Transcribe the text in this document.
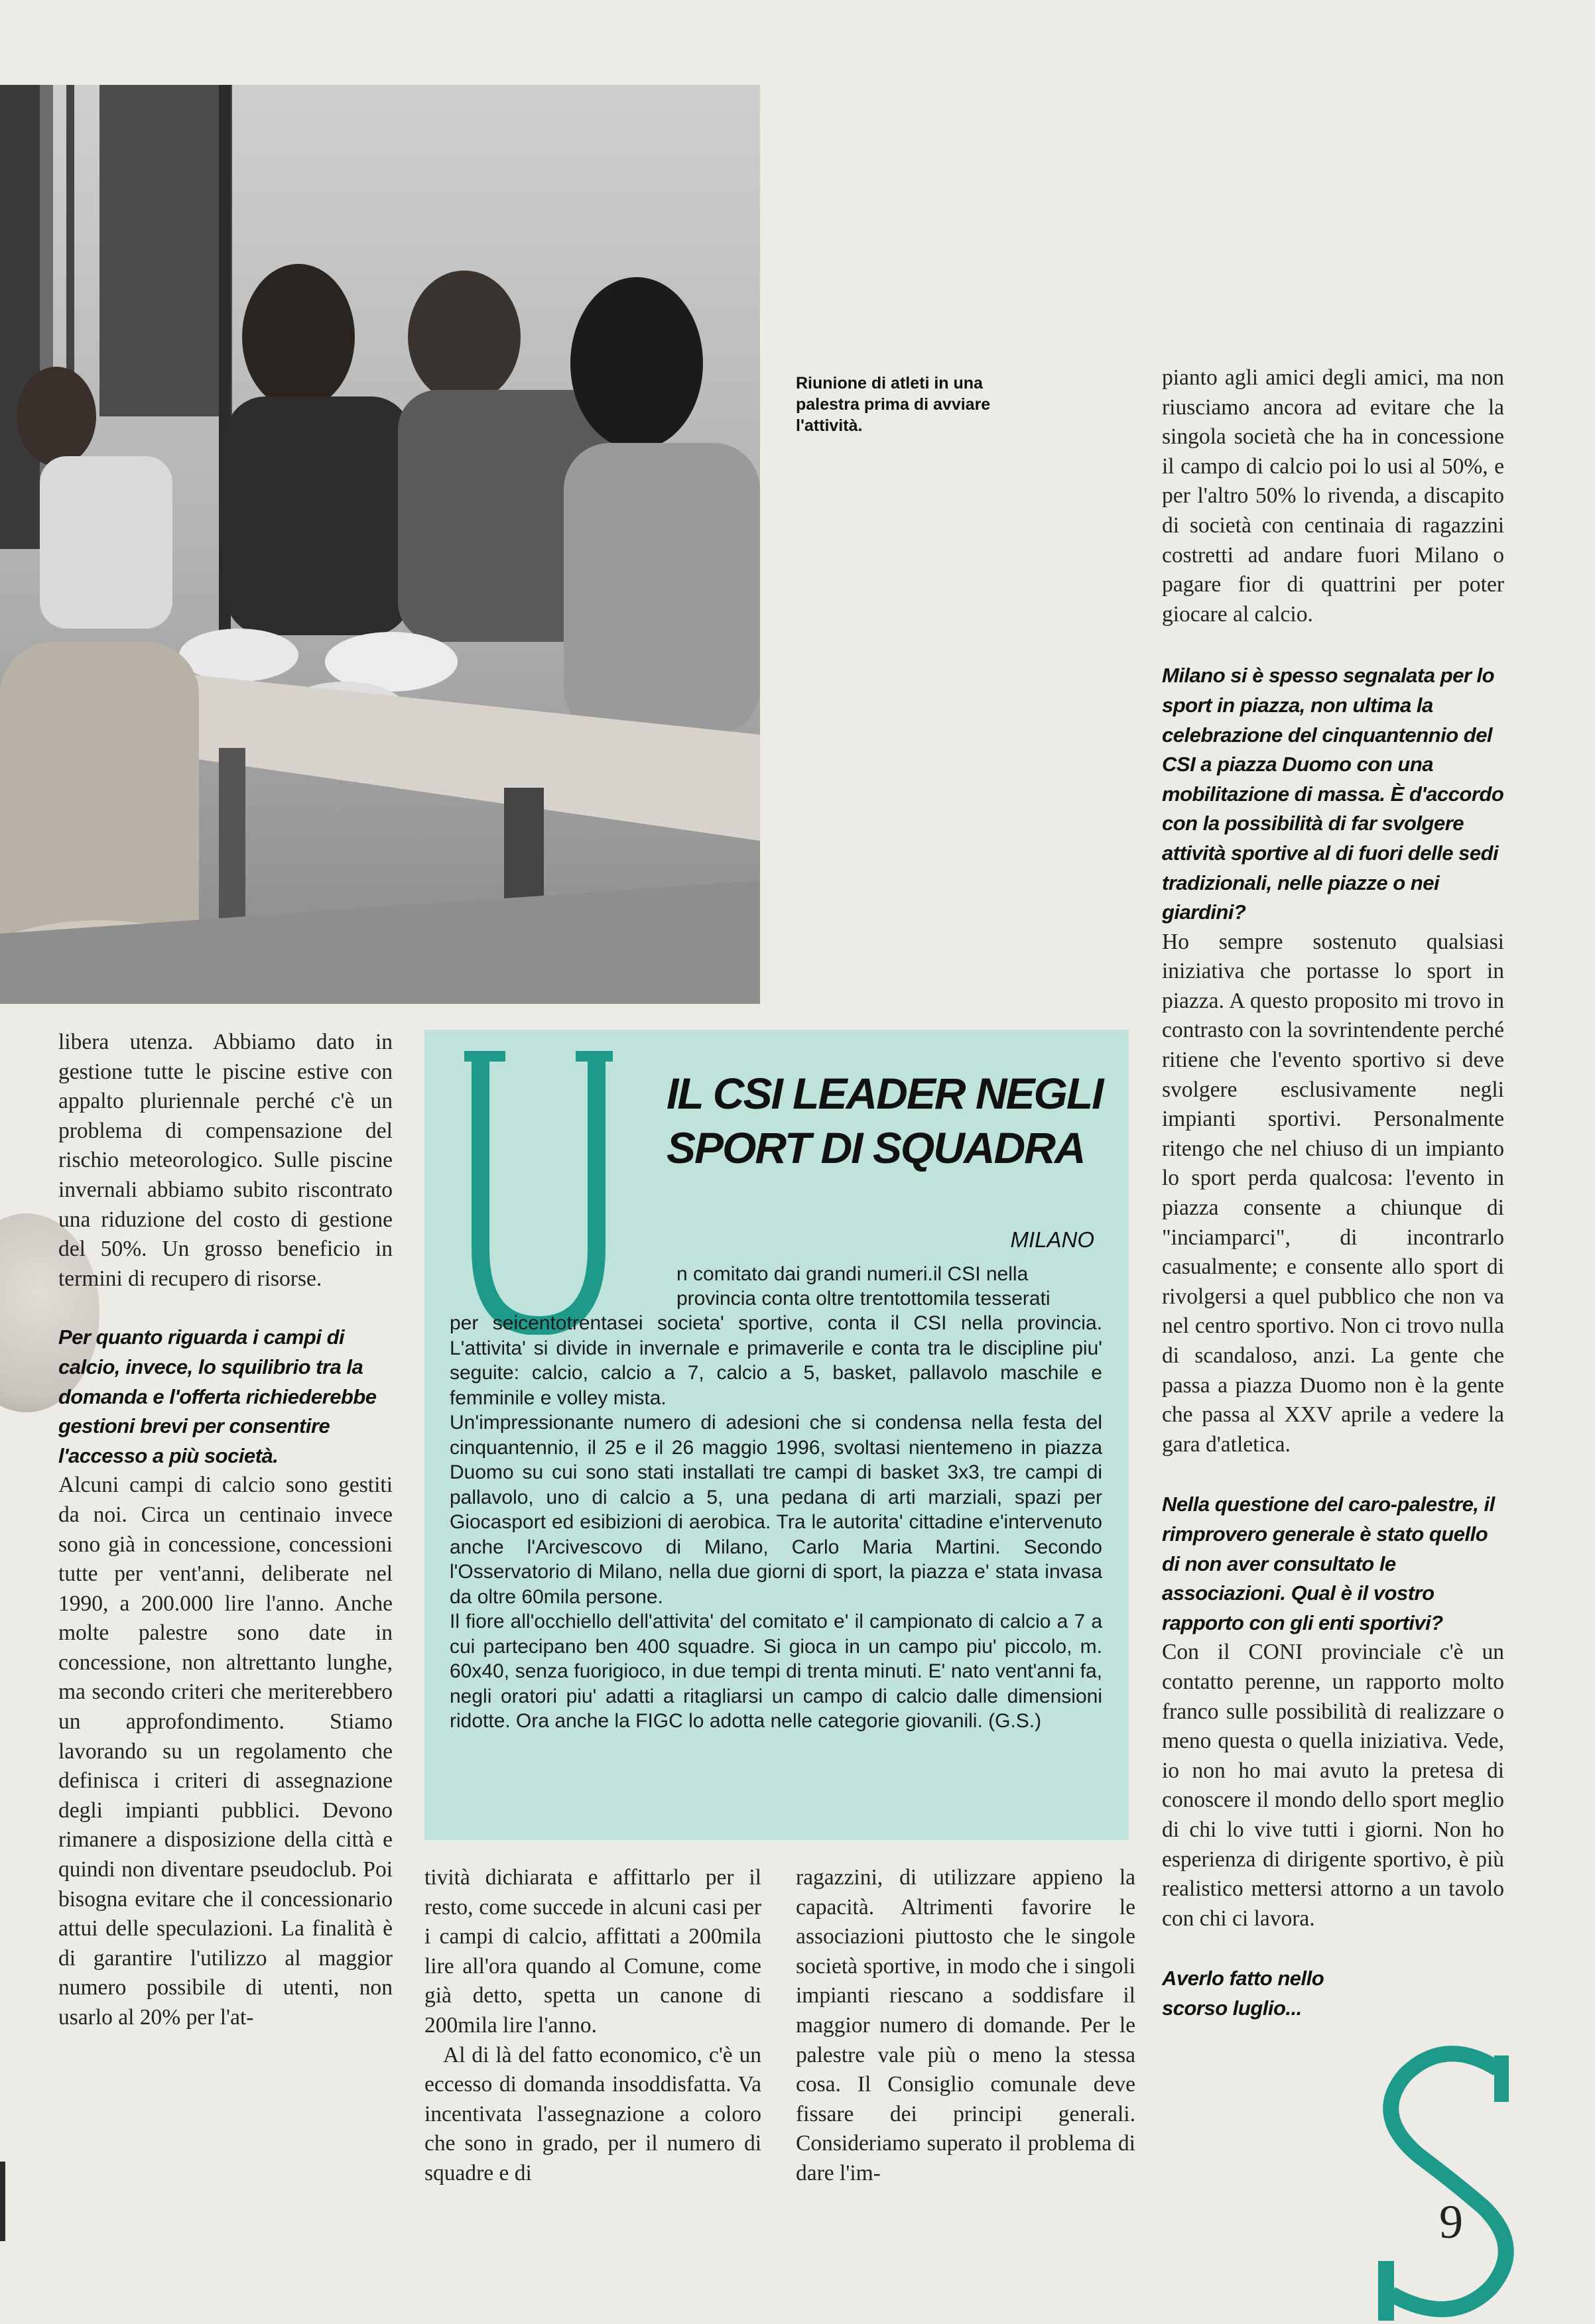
Riunione di atleti in una palestra prima di avviare l'attività.

pianto agli amici degli amici, ma non riusciamo ancora ad evitare che la singola società che ha in concessione il campo di calcio poi lo usi al 50%, e per l'altro 50% lo rivenda, a discapito di società con centinaia di ragazzini costretti ad andare fuori Milano o pagare fior di quattrini per poter giocare al calcio.

Milano si è spesso segnalata per lo sport in piazza, non ultima la celebrazione del cinquantennio del CSI a piazza Duomo con una mobilitazione di massa. È d'accordo con la possibilità di far svolgere attività sportive al di fuori delle sedi tradizionali, nelle piazze o nei giardini?

Ho sempre sostenuto qualsiasi iniziativa che portasse lo sport in piazza. A questo proposito mi trovo in contrasto con la sovrintendente perché ritiene che l'evento sportivo si deve svolgere esclusivamente negli impianti sportivi. Personalmente ritengo che nel chiuso di un impianto lo sport perda qualcosa: l'evento in piazza consente a chiunque di "inciamparci", di incontrarlo casualmente; e consente allo sport di rivolgersi a quel pubblico che non va nel centro sportivo. Non ci trovo nulla di scandaloso, anzi. La gente che passa a piazza Duomo non è la gente che passa al XXV aprile a vedere la gara d'atletica.

Nella questione del caro-palestre, il rimprovero generale è stato quello di non aver consultato le associazioni. Qual è il vostro rapporto con gli enti sportivi?

Con il CONI provinciale c'è un contatto perenne, un rapporto molto franco sulle possibilità di realizzare o meno questa o quella iniziativa. Vede, io non ho mai avuto la pretesa di conoscere il mondo dello sport meglio di chi lo vive tutti i giorni. Non ho esperienza di dirigente sportivo, è più realistico mettersi attorno a un tavolo con chi ci lavora.

Averlo fatto nello scorso luglio...

libera utenza. Abbiamo dato in gestione tutte le piscine estive con appalto pluriennale perché c'è un problema di compensazione del rischio meteorologico. Sulle piscine invernali abbiamo subito riscontrato una riduzione del costo di gestione del 50%. Un grosso beneficio in termini di recupero di risorse.

Per quanto riguarda i campi di calcio, invece, lo squilibrio tra la domanda e l'offerta richiederebbe gestioni brevi per consentire l'accesso a più società.

Alcuni campi di calcio sono gestiti da noi. Circa un centinaio invece sono già in concessione, concessioni tutte per vent'anni, deliberate nel 1990, a 200.000 lire l'anno. Anche molte palestre sono date in concessione, non altrettanto lunghe, ma secondo criteri che meriterebbero un approfondimento. Stiamo lavorando su un regolamento che definisca i criteri di assegnazione degli impianti pubblici. Devono rimanere a disposizione della città e quindi non diventare pseudoclub. Poi bisogna evitare che il concessionario attui delle speculazioni. La finalità è di garantire l'utilizzo al maggior numero possibile di utenti, non usarlo al 20% per l'at-

IL CSI LEADER NEGLI
SPORT DI SQUADRA
MILANO
n comitato dai grandi numeri.il CSI nella provincia conta oltre trentottomila tesserati

per seicentotrentasei societa' sportive, conta il CSI nella provincia. L'attivita' si divide in invernale e primaverile e conta tra le discipline piu' seguite: calcio, calcio a 7, calcio a 5, basket, pallavolo maschile e femminile e volley mista.

Un'impressionante numero di adesioni che si condensa nella festa del cinquantennio, il 25 e il 26 maggio 1996, svoltasi nientemeno in piazza Duomo su cui sono stati installati tre campi di basket 3x3, tre campi di pallavolo, uno di calcio a 5, una pedana di arti marziali, spazi per Giocasport ed esibizioni di aerobica. Tra le autorita' cittadine e'intervenuto anche l'Arcivescovo di Milano, Carlo Maria Martini. Secondo l'Osservatorio di Milano, nella due giorni di sport, la piazza e' stata invasa da oltre 60mila persone.

Il fiore all'occhiello dell'attivita' del comitato e' il campionato di calcio a 7 a cui partecipano ben 400 squadre. Si gioca in un campo piu' piccolo, m. 60x40, senza fuorigioco, in due tempi di trenta minuti. E' nato vent'anni fa, negli oratori piu' adatti a ritagliarsi un campo di calcio dalle dimensioni ridotte. Ora anche la FIGC lo adotta nelle categorie giovanili. (G.S.)

tività dichiarata e affittarlo per il resto, come succede in alcuni casi per i campi di calcio, affittati a 200mila lire all'ora quando al Comune, come già detto, spetta un canone di 200mila lire l'anno.

Al di là del fatto economico, c'è un eccesso di domanda insoddisfatta. Va incentivata l'assegnazione a coloro che sono in grado, per il numero di squadre e di

ragazzini, di utilizzare appieno la capacità. Altrimenti favorire le associazioni piuttosto che le singole società sportive, in modo che i singoli impianti riescano a soddisfare il maggior numero di domande. Per le palestre vale più o meno la stessa cosa. Il Consiglio comunale deve fissare dei principi generali. Consideriamo superato il problema di dare l'im-

9
